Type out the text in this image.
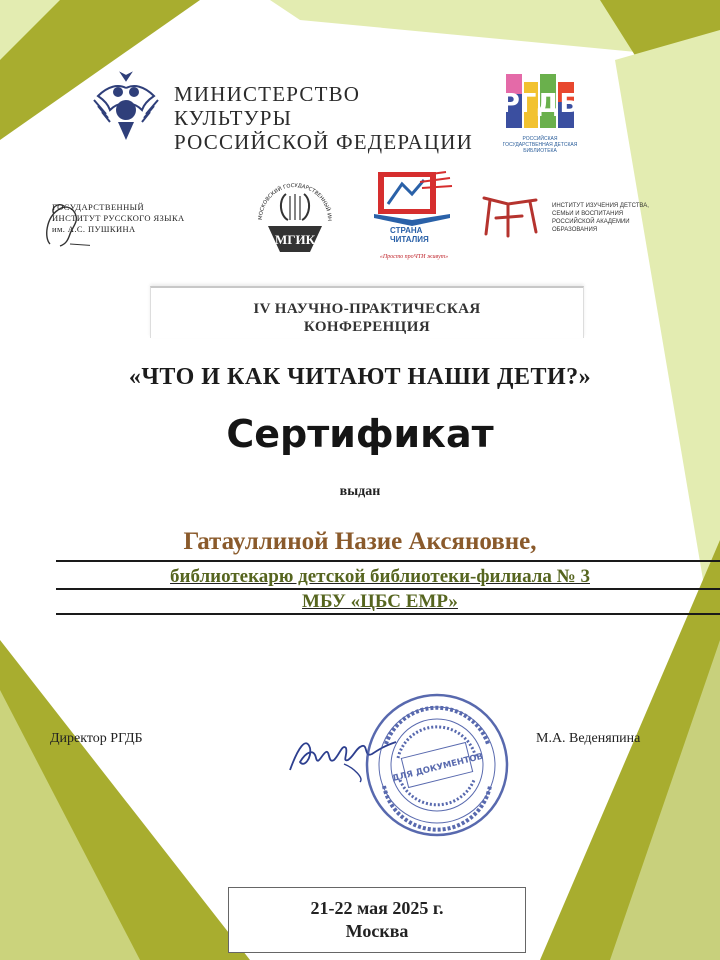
МИНИСТЕРСТВО КУЛЬТУРЫ
РОССИЙСКОЙ ФЕДЕРАЦИИ
РГДБ
РОССИЙСКАЯ ГОСУДАРСТВЕННАЯ ДЕТСКАЯ БИБЛИОТЕКА
ГОСУДАРСТВЕННЫЙ
ИНСТИТУТ РУССКОГО ЯЗЫКА
им. А.С. ПУШКИНА
МОСКОВСКИЙ ГОСУДАРСТВЕННЫЙ ИН
МГИК
СТРАНА
ЧИТАЛИЯ
«Просто проЧТИ живут»
ИНСТИТУТ ИЗУЧЕНИЯ ДЕТСТВА,
СЕМЬИ И ВОСПИТАНИЯ
РОССИЙСКОЙ АКАДЕМИИ
ОБРАЗОВАНИЯ
IV НАУЧНО-ПРАКТИЧЕСКАЯ
КОНФЕРЕНЦИЯ
«ЧТО И КАК ЧИТАЮТ НАШИ ДЕТИ?»
Сертификат
выдан
Гатауллиной Назие Аксяновне,
библиотекарю детской библиотеки-филиала № 3
МБУ «ЦБС ЕМР»
Директор РГДБ
ДЛЯ ДОКУМЕНТОВ
М.А. Веденяпина
21-22 мая 2025 г.
Москва
